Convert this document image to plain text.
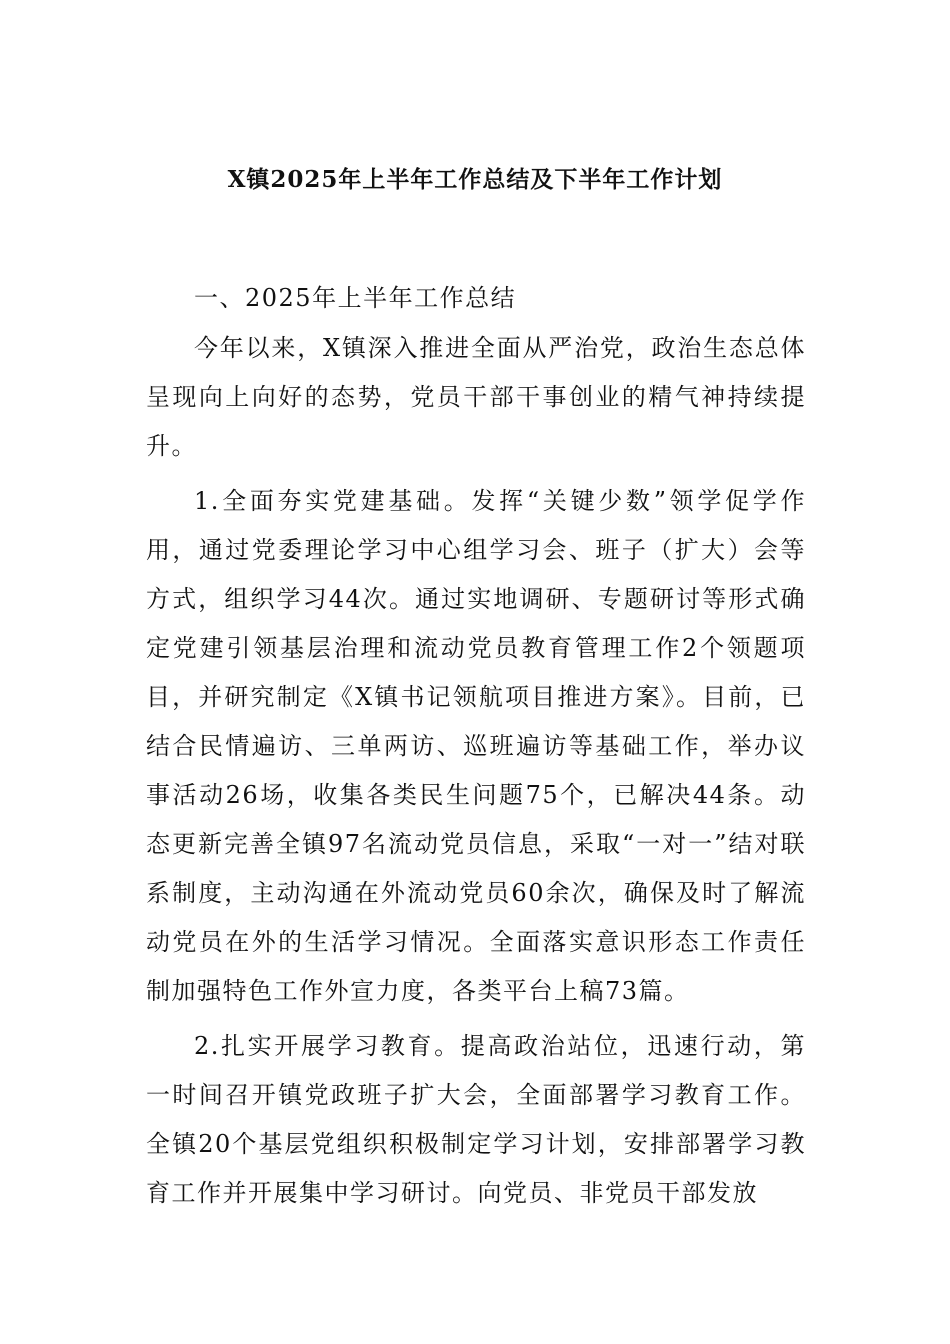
X镇2025年上半年工作总结及下半年工作计划

一、2025年上半年工作总结

今年以来，X镇深入推进全面从严治党，政治生态总体呈现向上向好的态势，党员干部干事创业的精气神持续提升。

1.全面夯实党建基础。发挥“关键少数”领学促学作用，通过党委理论学习中心组学习会、班子（扩大）会等方式，组织学习44次。通过实地调研、专题研讨等形式确定党建引领基层治理和流动党员教育管理工作2个领题项目，并研究制定《X镇书记领航项目推进方案》。目前，已结合民情遍访、三单两访、巡班遍访等基础工作，举办议事活动26场，收集各类民生问题75个，已解决44条。动态更新完善全镇97名流动党员信息，采取“一对一”结对联系制度，主动沟通在外流动党员60余次，确保及时了解流动党员在外的生活学习情况。全面落实意识形态工作责任制加强特色工作外宣力度，各类平台上稿73篇。

2.扎实开展学习教育。提高政治站位，迅速行动，第一时间召开镇党政班子扩大会，全面部署学习教育工作。全镇20个基层党组织积极制定学习计划，安排部署学习教育工作并开展集中学习研讨。向党员、非党员干部发放
